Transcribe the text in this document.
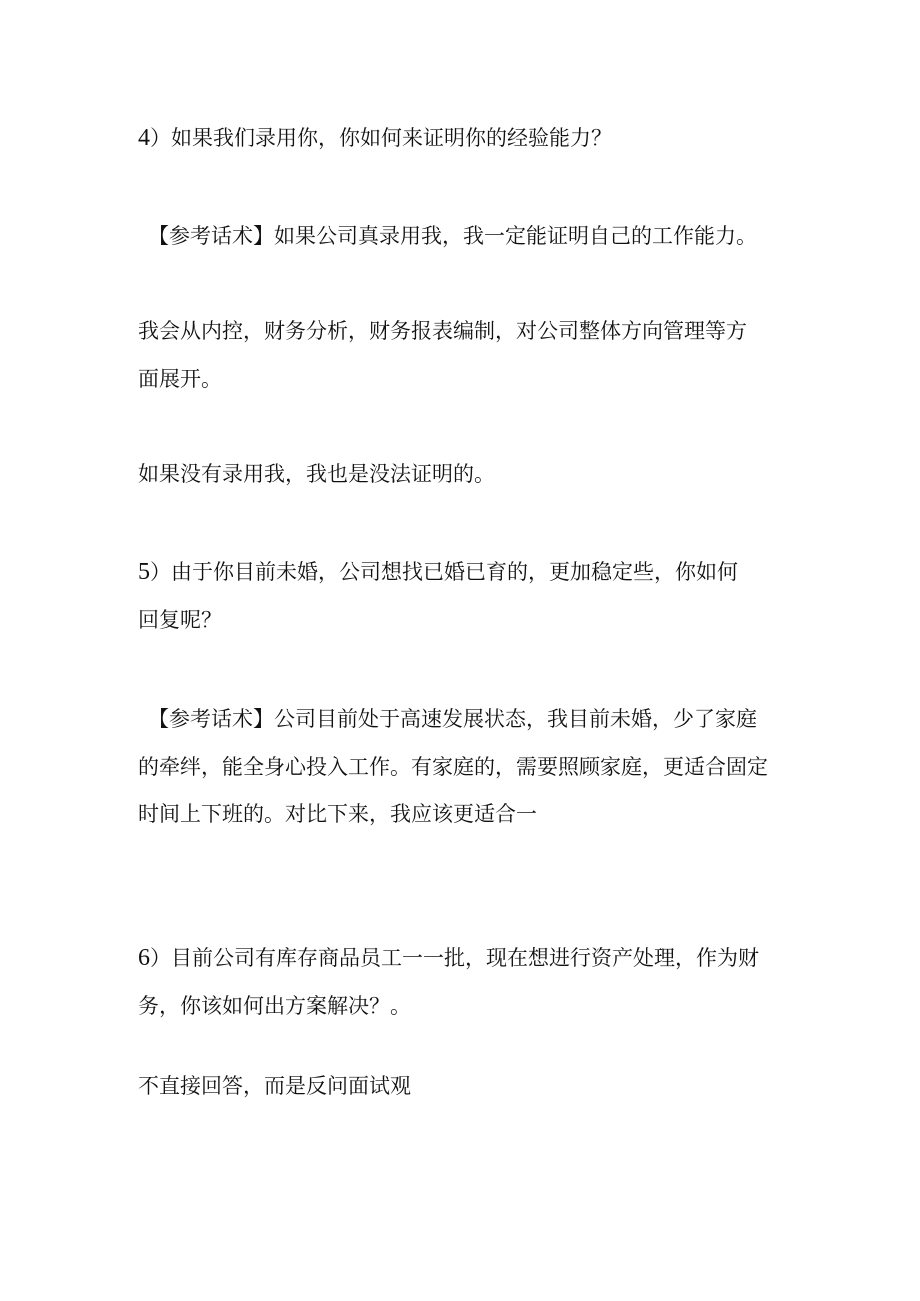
4）如果我们录用你，你如何来证明你的经验能力？

【参考话术】如果公司真录用我，我一定能证明自己的工作能力。

我会从内控，财务分析，财务报表编制，对公司整体方向管理等方

面展开。

如果没有录用我，我也是没法证明的。

5）由于你目前未婚，公司想找已婚已育的，更加稳定些，你如何

回复呢？

【参考话术】公司目前处于高速发展状态，我目前未婚，少了家庭

的牵绊，能全身心投入工作。有家庭的，需要照顾家庭，更适合固定

时间上下班的。对比下来，我应该更适合一

6）目前公司有库存商品员工一一批，现在想进行资产处理，作为财

务，你该如何出方案解决？。

不直接回答，而是反问面试观
